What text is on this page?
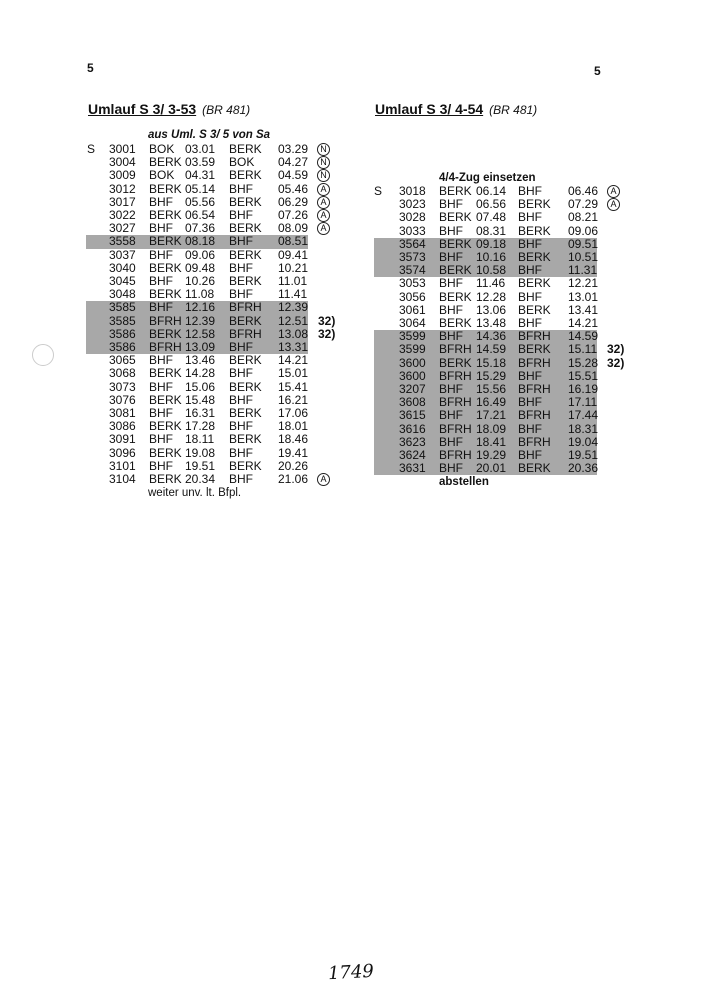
5	5
Umlauf S 3/ 3-53 (BR 481)	Umlauf S 3/ 4-54 (BR 481)
aus Uml. S 3/ 5 von Sa
4/4-Zug einsetzen
S 3001 BOK 03.01 BERK 03.29	N
3004 BERK 03.59 BOK 04.27	N
3009 BOK 04.31 BERK 04.59	N
3012 BERK 05.14 BHF 05.46	A
3017 BHF 05.56 BERK 06.29	A
3022 BERK 06.54 BHF 07.26	A
3027 BHF 07.36 BERK 08.09	A
3558 BERK 08.18 BHF 08.51
3037 BHF 09.06 BERK 09.41
3040 BERK 09.48 BHF 10.21
3045 BHF 10.26 BERK 11.01
3048 BERK 11.08 BHF 11.41
3585 BHF 12.16 BFRH 12.39
3585 BFRH 12.39 BERK 12.51 32)
3586 BERK 12.58 BFRH 13.08 32)
3586 BFRH 13.09 BHF 13.31
3065 BHF 13.46 BERK 14.21
3068 BERK 14.28 BHF 15.01
3073 BHF 15.06 BERK 15.41
3076 BERK 15.48 BHF 16.21
3081 BHF 16.31 BERK 17.06
3086 BERK 17.28 BHF 18.01
3091 BHF 18.11 BERK 18.46
3096 BERK 19.08 BHF 19.41
3101 BHF 19.51 BERK 20.26
3104 BERK 20.34 BHF 21.06	A
S 3018 BERK 06.14 BHF 06.46	A
3023 BHF 06.56 BERK 07.29	A
3028 BERK 07.48 BHF 08.21
3033 BHF 08.31 BERK 09.06
3564 BERK 09.18 BHF 09.51
3573 BHF 10.16 BERK 10.51
3574 BERK 10.58 BHF 11.31
3053 BHF 11.46 BERK 12.21
3056 BERK 12.28 BHF 13.01
3061 BHF 13.06 BERK 13.41
3064 BERK 13.48 BHF 14.21
3599 BHF 14.36 BFRH 14.59
3599 BFRH 14.59 BERK 15.11 32)
3600 BERK 15.18 BFRH 15.28 32)
3600 BFRH 15.29 BHF 15.51
3207 BHF 15.56 BFRH 16.19
3608 BFRH 16.49 BHF 17.11
3615 BHF 17.21 BFRH 17.44
3616 BFRH 18.09 BHF 18.31
3623 BHF 18.41 BFRH 19.04
3624 BFRH 19.29 BHF 19.51
3631 BHF 20.01 BERK 20.36
weiter unv. lt. Bfpl.
abstellen
1749
